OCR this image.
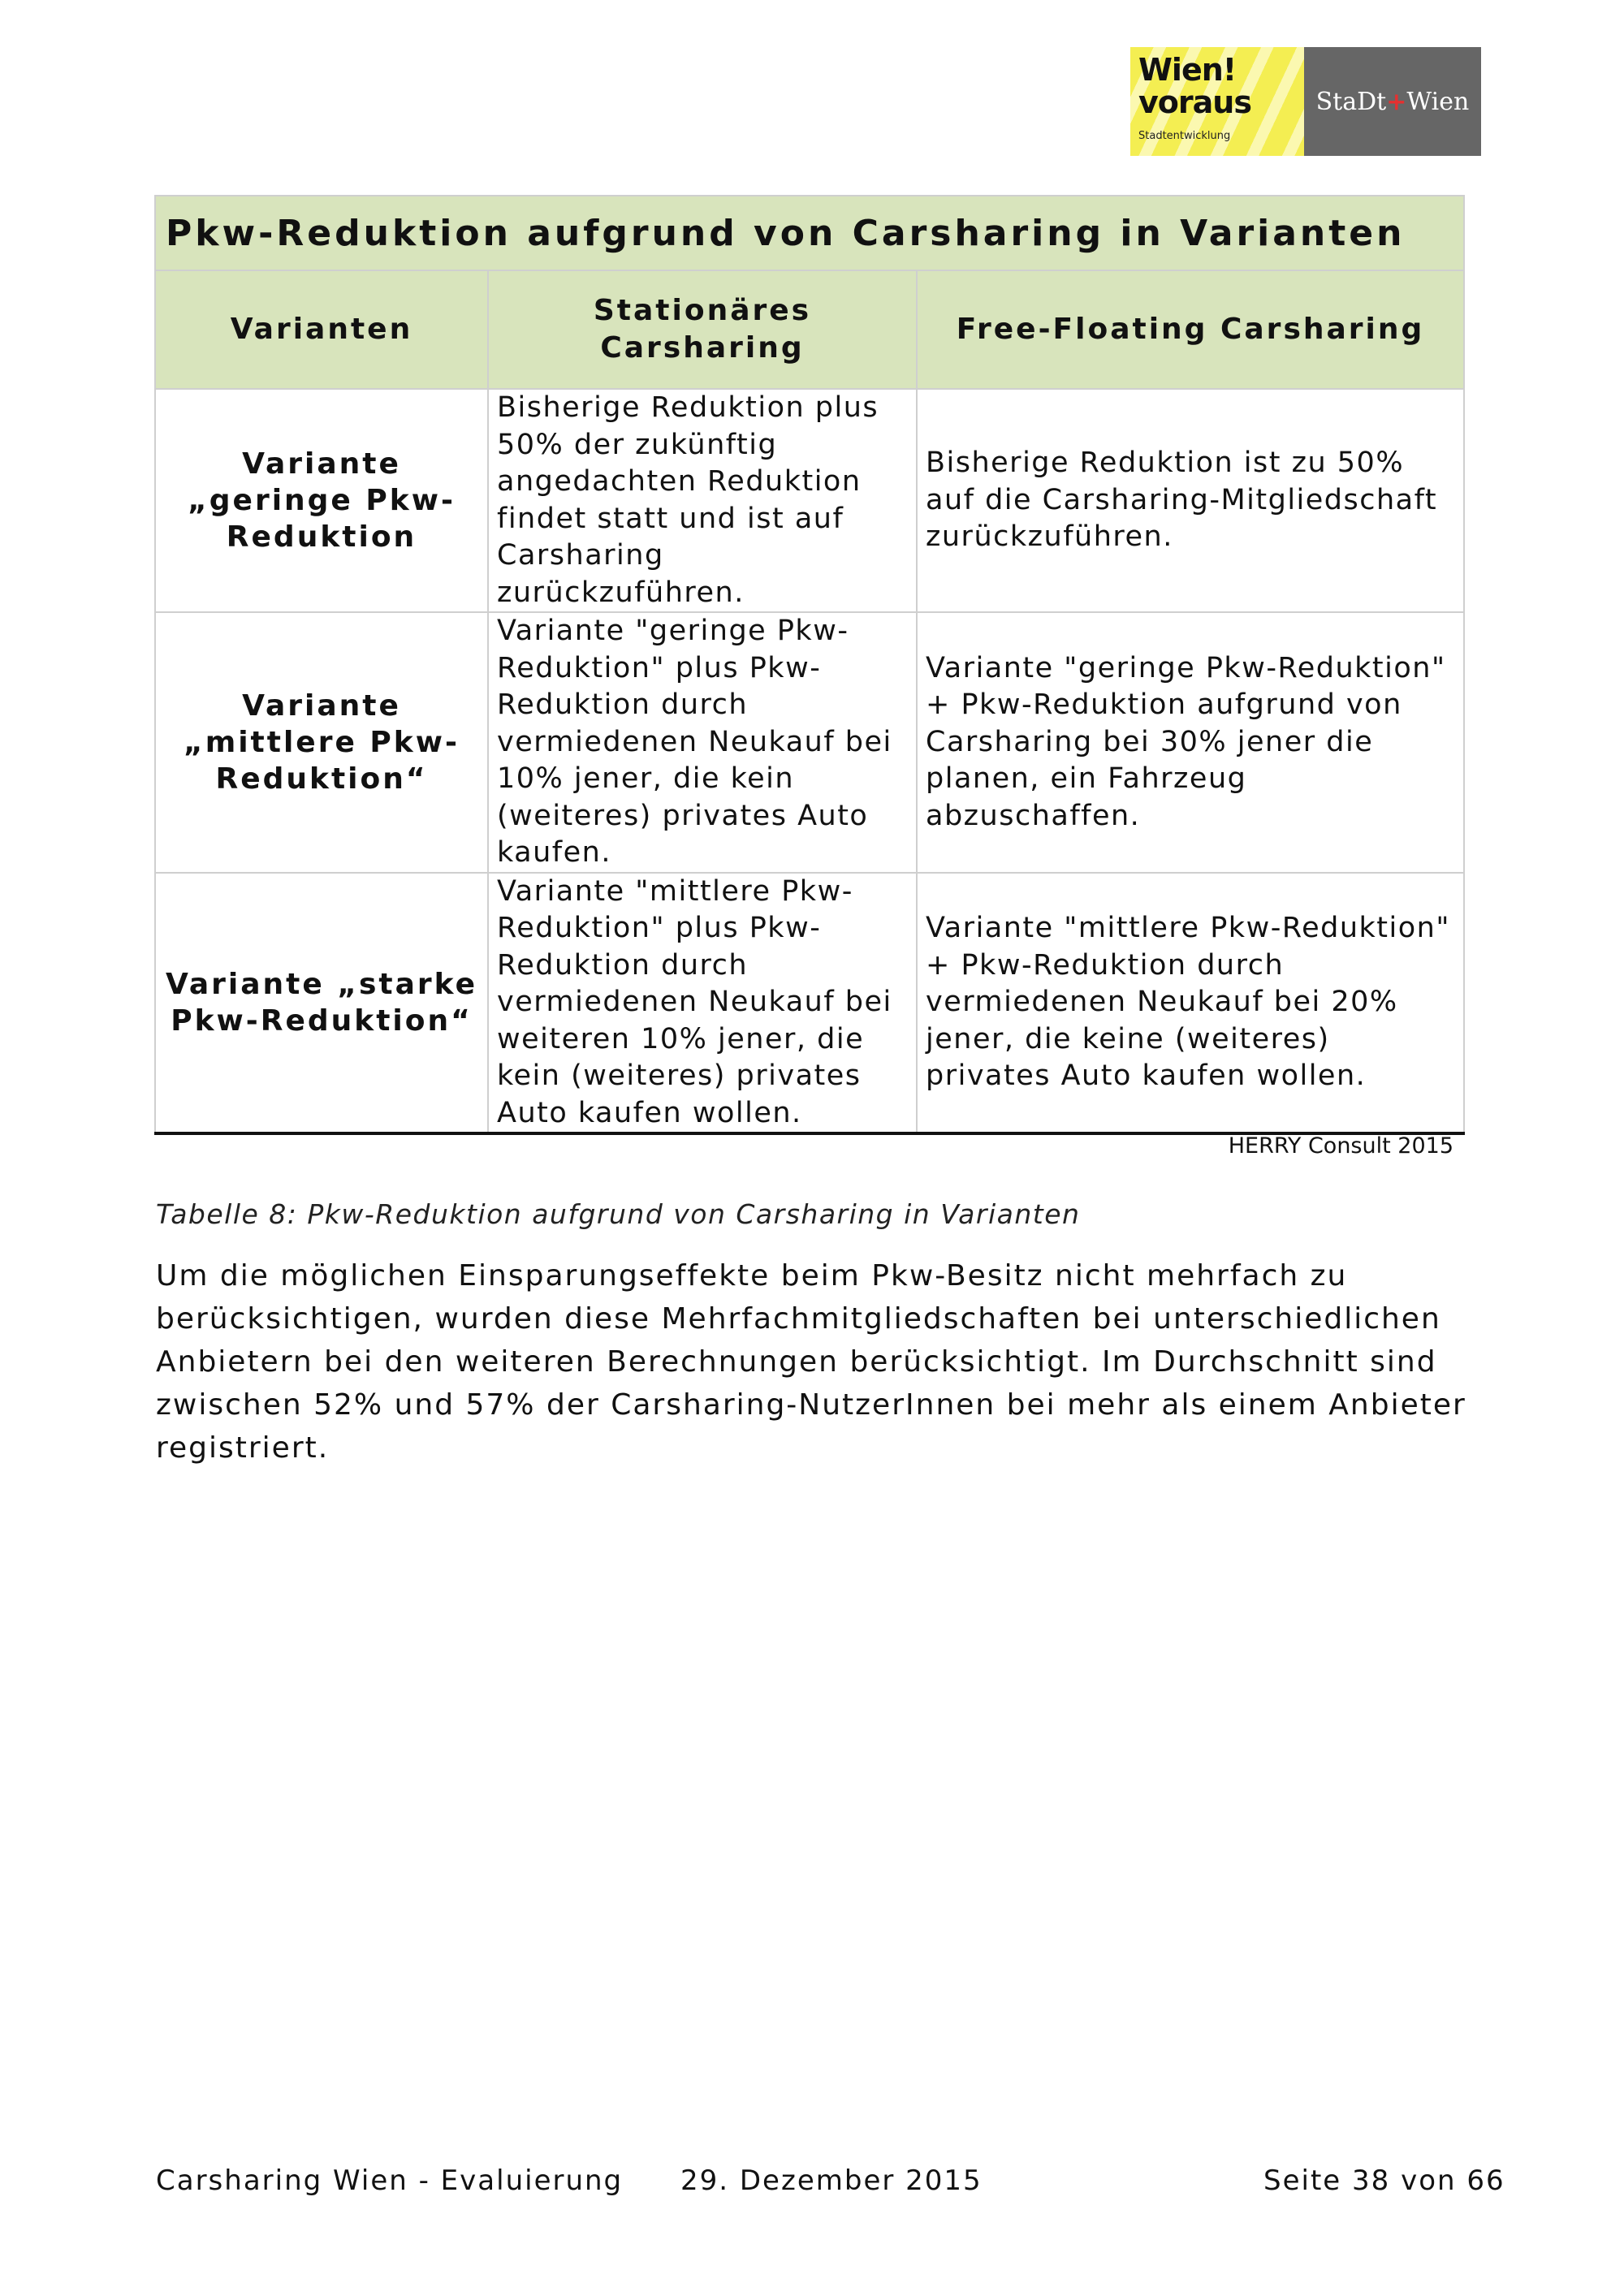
Wien!
voraus
Stadtentwicklung
StaDt + Wien
Pkw-Reduktion aufgrund von Carsharing in Varianten		
Varianten	Stationäres Carsharing	Free-Floating Carsharing
Variante „geringe Pkw-Reduktion	Bisherige Reduktion plus 50% der zukünftig angedachten Reduktion findet statt und ist auf Carsharing zurückzuführen.	Bisherige Reduktion ist zu 50% auf die Carsharing-Mitgliedschaft zurückzuführen.
Variante „mittlere Pkw-Reduktion“	Variante "geringe Pkw-Reduktion" plus Pkw-Reduktion durch vermiedenen Neukauf bei 10% jener, die kein (weiteres) privates Auto kaufen.	Variante "geringe Pkw-Reduktion" + Pkw-Reduktion aufgrund von Carsharing bei 30% jener die planen, ein Fahrzeug abzuschaffen.
Variante „starke Pkw-Reduktion“	Variante "mittlere Pkw-Reduktion" plus Pkw-Reduktion durch vermiedenen Neukauf bei weiteren 10% jener, die kein (weiteres) privates Auto kaufen wollen.	Variante "mittlere Pkw-Reduktion" + Pkw-Reduktion durch vermiedenen Neukauf bei 20% jener, die keine (weiteres) privates Auto kaufen wollen.
HERRY Consult 2015
Tabelle 8: Pkw-Reduktion aufgrund von Carsharing in Varianten

Um die möglichen Einsparungseffekte beim Pkw-Besitz nicht mehrfach zu berücksichtigen, wurden diese Mehrfachmitgliedschaften bei unterschiedlichen Anbietern bei den weiteren Berechnungen berücksichtigt. Im Durchschnitt sind zwischen 52% und 57% der Carsharing-NutzerInnen bei mehr als einem Anbieter registriert.

Carsharing Wien - Evaluierung 29. Dezember 2015	Seite 38 von 66
